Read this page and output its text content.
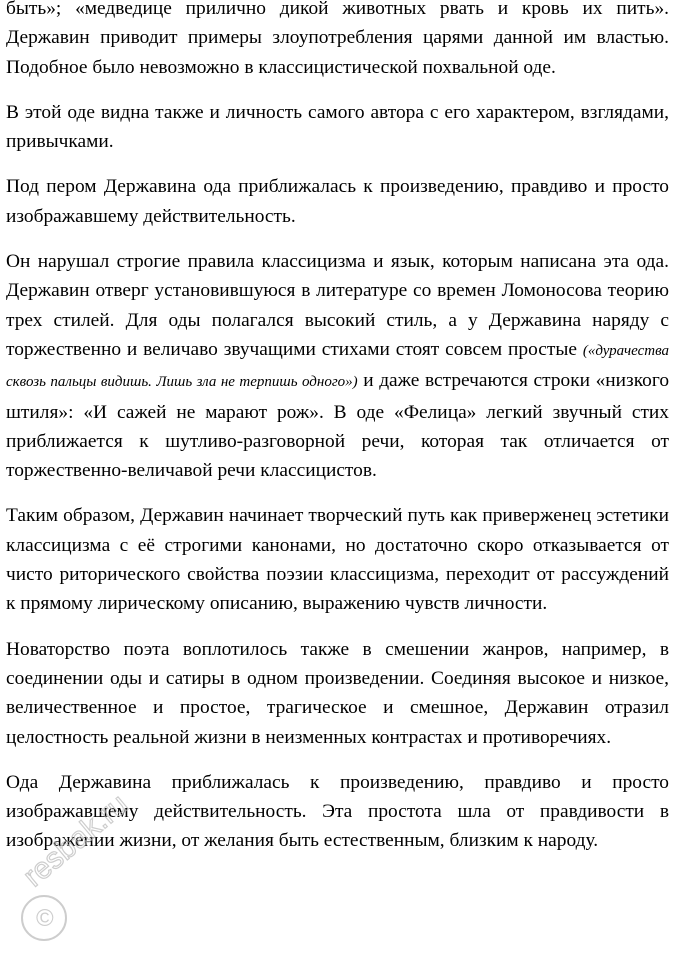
быть»; «медведице прилично дикой животных рвать и кровь их пить». Державин приводит примеры злоупотребления царями данной им властью. Подобное было невозможно в классицистической похвальной оде.

В этой оде видна также и личность самого автора с его характером, взглядами, привычками.

Под пером Державина ода приближалась к произведению, правдиво и просто изображавшему действительность.

Он нарушал строгие правила классицизма и язык, которым написана эта ода. Державин отверг установившуюся в литературе со времен Ломоносова теорию трех стилей. Для оды полагался высокий стиль, а у Державина наряду с торжественно и величаво звучащими стихами стоят совсем простые («дурачества сквозь пальцы видишь. Лишь зла не терпишь одного») и даже встречаются строки «низкого штиля»: «И сажей не марают рож». В оде «Фелица» легкий звучный стих приближается к шутливо-разговорной речи, которая так отличается от торжественно-величавой речи классицистов.

Таким образом, Державин начинает творческий путь как приверженец эстетики классицизма с её строгими канонами, но достаточно скоро отказывается от чисто риторического свойства поэзии классицизма, переходит от рассуждений к прямому лирическому описанию, выражению чувств личности.

Новаторство поэта воплотилось также в смешении жанров, например, в соединении оды и сатиры в одном произведении. Соединяя высокое и низкое, величественное и простое, трагическое и смешное, Державин отразил целостность реальной жизни в неизменных контрастах и противоречиях.

Ода Державина приближалась к произведению, правдиво и просто изображавшему действительность. Эта простота шла от правдивости в изображении жизни, от желания быть естественным, близким к народу.

©
resbak.ru
